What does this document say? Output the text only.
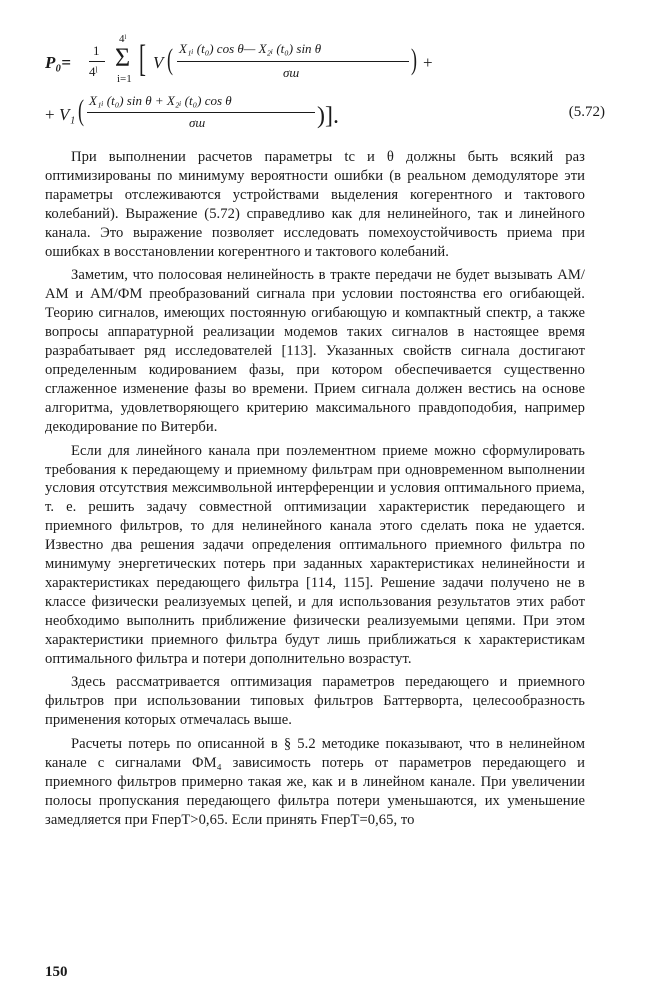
P₀=
1
4ˡ
4ˡ
Σ
i=1 [ V ( X₁ᵢ (t₀) cos θ— X₂ᵢ (t₀) sin θ
σш	) +
+ V₁ ( X₁ᵢ (t₀) sin θ + X₂ᵢ (t₀) cos θ
σш	)].	(5.72)

При выполнении расчетов параметры tс и θ должны быть всякий раз оптимизированы по минимуму вероятности ошибки (в реальном демодуляторе эти параметры отслеживаются устройствами выделения когерентного и тактового колебаний). Выражение (5.72) справедливо как для нелинейного, так и линейного канала. Это выражение позволяет исследовать помехоустойчивость приема при ошибках в восстановлении когерентного и тактового колебаний.

Заметим, что полосовая нелинейность в тракте передачи не будет вызывать АМ/АМ и АМ/ФМ преобразований сигнала при условии постоянства его огибающей. Теорию сигналов, имеющих постоянную огибающую и компактный спектр, а также вопросы аппаратурной реализации модемов таких сигналов в настоящее время разрабатывает ряд исследователей [113]. Указанных свойств сигнала достигают определенным кодированием фазы, при котором обеспечивается существенно сглаженное изменение фазы во времени. Прием сигнала должен вестись на основе алгоритма, удовлетворяющего критерию максимального правдоподобия, например декодирование по Витерби.

Если для линейного канала при поэлементном приеме можно сформулировать требования к передающему и приемному фильтрам при одновременном выполнении условия отсутствия межсимвольной интерференции и условия оптимального приема, т. е. решить задачу совместной оптимизации характеристик передающего и приемного фильтров, то для нелинейного канала этого сделать пока не удается. Известно два решения задачи определения оптимального приемного фильтра по минимуму энергетических потерь при заданных характеристиках нелинейности и характеристиках передающего фильтра [114, 115]. Решение задачи получено не в классе физически реализуемых цепей, и для использования результатов этих работ необходимо выполнить приближение физически реализуемыми цепями. При этом характеристики приемного фильтра будут лишь приближаться к характеристикам оптимального фильтра и потери дополнительно возрастут.

Здесь рассматривается оптимизация параметров передающего и приемного фильтров при использовании типовых фильтров Баттерворта, целесообразность применения которых отмечалась выше.

Расчеты потерь по описанной в § 5.2 методике показывают, что в нелинейном канале с сигналами ФМ₄ зависимость потерь от параметров передающего и приемного фильтров примерно такая же, как и в линейном канале. При увеличении полосы пропускания передающего фильтра потери уменьшаются, их уменьшение замедляется при FперT>0,65. Если принять FперT=0,65, то

150
